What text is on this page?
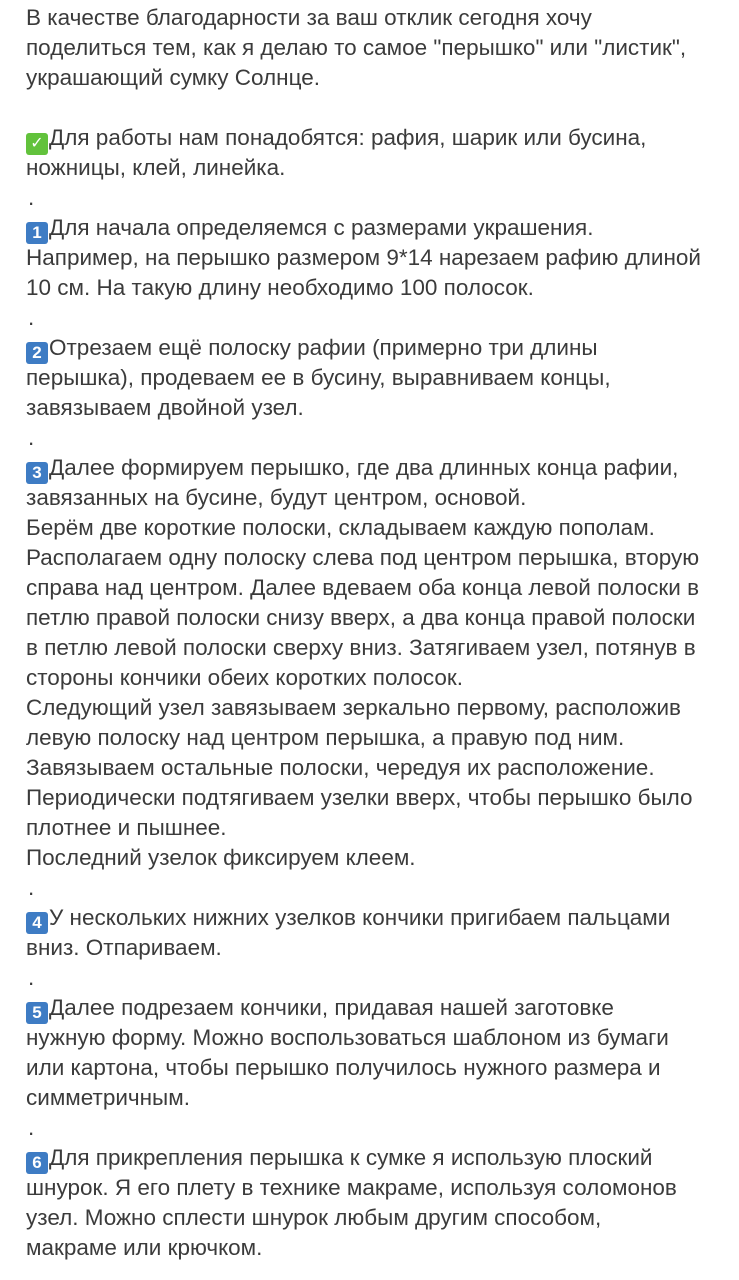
В качестве благодарности за ваш отклик сегодня хочу
поделиться тем, как я делаю то самое "перышко" или "листик",
украшающий сумку Солнце.
✓ Для работы нам понадобятся: рафия, шарик или бусина,
ножницы, клей, линейка.
.
1 Для начала определяемся с размерами украшения.
Например, на перышко размером 9*14 нарезаем рафию длиной
10 см. На такую длину необходимо 100 полосок.
.
2 Отрезаем ещё полоску рафии (примерно три длины
перышка), продеваем ее в бусину, выравниваем концы,
завязываем двойной узел.
.
3 Далее формируем перышко, где два длинных конца рафии,
завязанных на бусине, будут центром, основой.
Берём две короткие полоски, складываем каждую пополам.
Располагаем одну полоску слева под центром перышка, вторую
справа над центром. Далее вдеваем оба конца левой полоски в
петлю правой полоски снизу вверх, а два конца правой полоски
в петлю левой полоски сверху вниз. Затягиваем узел, потянув в
стороны кончики обеих коротких полосок.
Следующий узел завязываем зеркально первому, расположив
левую полоску над центром перышка, а правую под ним.
Завязываем остальные полоски, чередуя их расположение.
Периодически подтягиваем узелки вверх, чтобы перышко было
плотнее и пышнее.
Последний узелок фиксируем клеем.
.
4 У нескольких нижних узелков кончики пригибаем пальцами
вниз. Отпариваем.
.
5 Далее подрезаем кончики, придавая нашей заготовке
нужную форму. Можно воспользоваться шаблоном из бумаги
или картона, чтобы перышко получилось нужного размера и
симметричным.
.
6 Для прикрепления перышка к сумке я использую плоский
шнурок. Я его плету в технике макраме, используя соломонов
узел. Можно сплести шнурок любым другим способом,
макраме или крючком.
